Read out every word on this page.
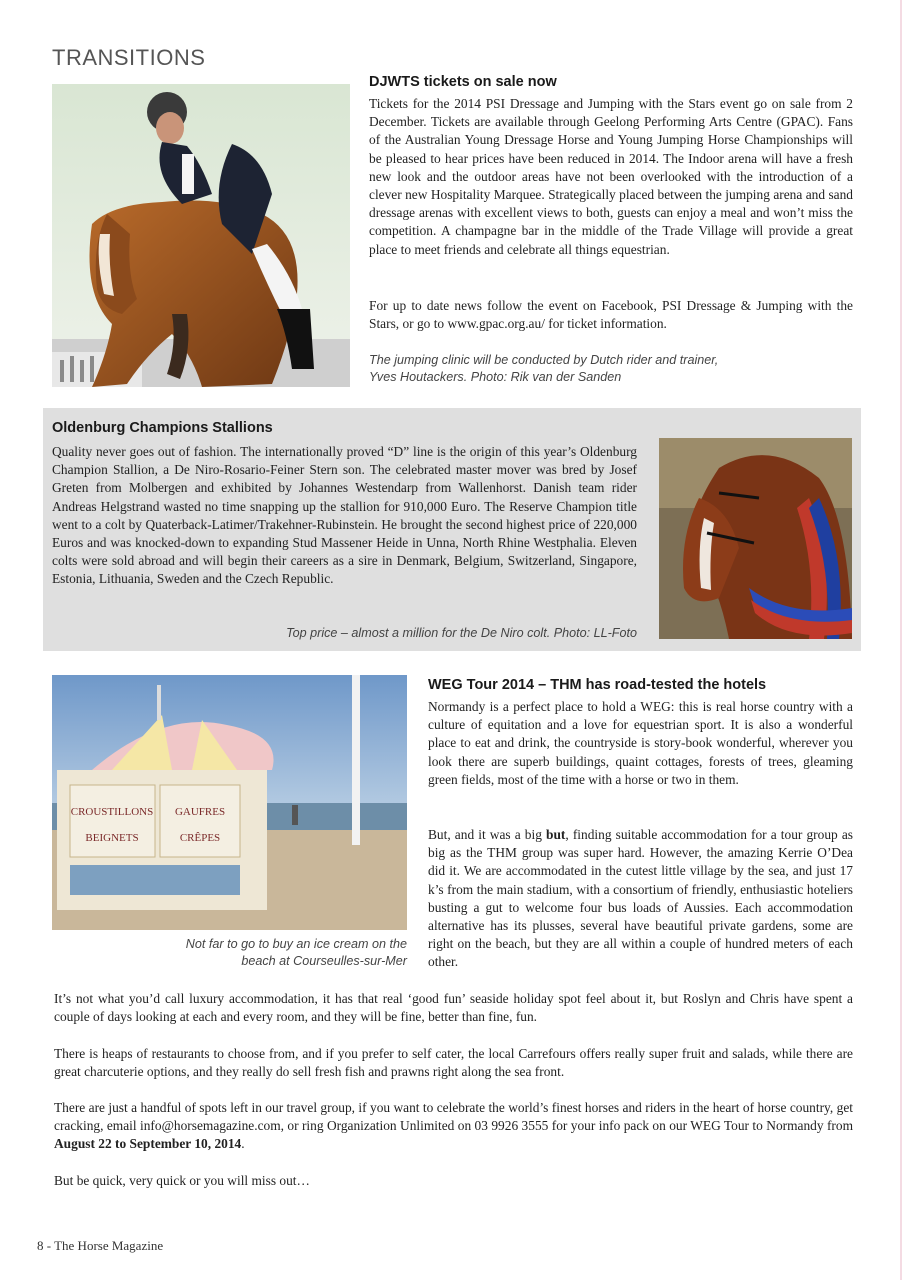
TRANSITIONS
DJWTS tickets on sale now

Tickets for the 2014 PSI Dressage and Jumping with the Stars event go on sale from 2 December. Tickets are available through Geelong Performing Arts Centre (GPAC). Fans of the Australian Young Dressage Horse and Young Jumping Horse Championships will be pleased to hear prices have been reduced in 2014. The Indoor arena will have a fresh new look and the outdoor areas have not been overlooked with the introduction of a clever new Hospitality Marquee. Strategically placed between the jumping arena and sand dressage arenas with excellent views to both, guests can enjoy a meal and won’t miss the competition. A champagne bar in the middle of the Trade Village will provide a great place to meet friends and celebrate all things equestrian.

For up to date news follow the event on Facebook, PSI Dressage & Jumping with the Stars, or go to www.gpac.org.au/ for ticket information.

The jumping clinic will be conducted by Dutch rider and trainer, Yves Houtackers. Photo: Rik van der Sanden

Oldenburg Champions Stallions

Quality never goes out of fashion. The internationally proved “D” line is the origin of this year’s Oldenburg Champion Stallion, a De Niro-Rosario-Feiner Stern son. The celebrated master mover was bred by Josef Greten from Molbergen and exhibited by Johannes Westendarp from Wallenhorst. Danish team rider Andreas Helgstrand wasted no time snapping up the stallion for 910,000 Euro. The Reserve Champion title went to a colt by Quaterback-Latimer/Trakehner-Rubinstein. He brought the second highest price of 220,000 Euros and was knocked-down to expanding Stud Massener Heide in Unna, North Rhine Westphalia. Eleven colts were sold abroad and will begin their careers as a sire in Denmark, Belgium, Switzerland, Singapore, Estonia, Lithuania, Sweden and the Czech Republic.

Top price – almost a million for the De Niro colt. Photo: LL-Foto

CROUSTILLONS GAUFRES
BEIGNETS	CRÊPES

Not far to go to buy an ice cream on the beach at Courseulles-sur-Mer

WEG Tour 2014 – THM has road-tested the hotels

Normandy is a perfect place to hold a WEG: this is real horse country with a culture of equitation and a love for equestrian sport. It is also a wonderful place to eat and drink, the countryside is story-book wonderful, wherever you look there are superb buildings, quaint cottages, forests of trees, gleaming green fields, most of the time with a horse or two in them.

But, and it was a big but, finding suitable accommodation for a tour group as big as the THM group was super hard. However, the amazing Kerrie O’Dea did it. We are accommodated in the cutest little village by the sea, and just 17 k’s from the main stadium, with a consortium of friendly, enthusiastic hoteliers busting a gut to welcome four bus loads of Aussies. Each accommodation alternative has its plusses, several have beautiful private gardens, some are right on the beach, but they are all within a couple of hundred meters of each other.

It’s not what you’d call luxury accommodation, it has that real ‘good fun’ seaside holiday spot feel about it, but Roslyn and Chris have spent a couple of days looking at each and every room, and they will be fine, better than fine, fun.

There is heaps of restaurants to choose from, and if you prefer to self cater, the local Carrefours offers really super fruit and salads, while there are great charcuterie options, and they really do sell fresh fish and prawns right along the sea front.

There are just a handful of spots left in our travel group, if you want to celebrate the world’s finest horses and riders in the heart of horse country, get cracking, email info@horsemagazine.com, or ring Organization Unlimited on 03 9926 3555 for your info pack on our WEG Tour to Normandy from August 22 to September 10, 2014.

But be quick, very quick or you will miss out…

8 - The Horse Magazine
